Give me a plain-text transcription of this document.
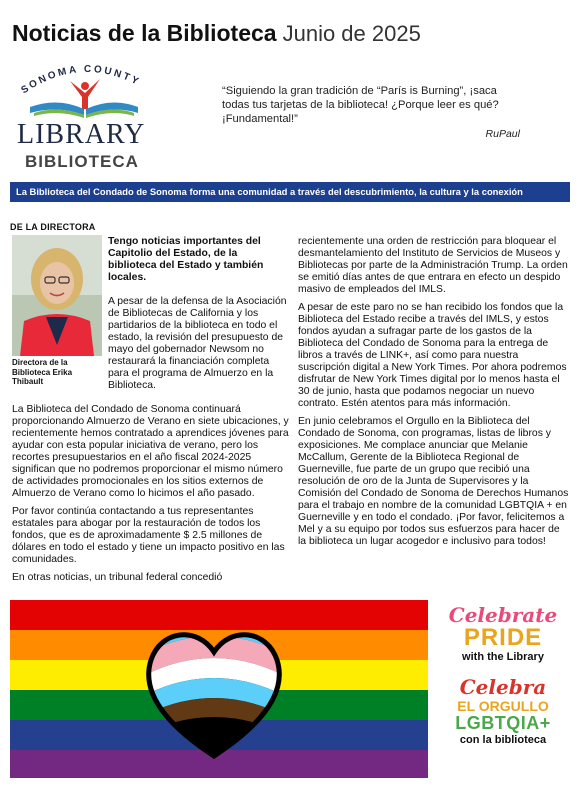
Noticias de la Biblioteca Junio de 2025
SONOMA COUNTY
LIBRARY
BIBLIOTECA
“Siguiendo la gran tradición de “París is Burning”, ¡saca todas tus tarjetas de la biblioteca! ¿Porque leer es qué? ¡Fundamental!”
RuPaul
La Biblioteca del Condado de Sonoma forma una comunidad a través del descubrimiento, la cultura y la conexión
DE LA DIRECTORA
Directora de la Biblioteca Erika Thibault
Tengo noticias importantes del Capitolio del Estado, de la biblioteca del Estado y también locales.
A pesar de la defensa de la Asociación de Bibliotecas de California y los partidarios de la biblioteca en todo el estado, la revisión del presupuesto de mayo del gobernador Newsom no restaurará la financiación completa para el programa de Almuerzo en la Biblioteca.

La Biblioteca del Condado de Sonoma continuará proporcionando Almuerzo de Verano en siete ubicaciones, y recientemente hemos contratado a aprendices jóvenes para ayudar con esta popular iniciativa de verano, pero los recortes presupuestarios en el año fiscal 2024-2025 significan que no podremos proporcionar el mismo número de actividades promocionales en los sitios externos de Almuerzo de Verano como lo hicimos el año pasado.

Por favor continúa contactando a tus representantes estatales para abogar por la restauración de todos los fondos, que es de aproximadamente $ 2.5 millones de dólares en todo el estado y tiene un impacto positivo en las comunidades.

En otras noticias, un tribunal federal concedió

recientemente una orden de restricción para bloquear el desmantelamiento del Instituto de Servicios de Museos y Bibliotecas por parte de la Administración Trump. La orden se emitió días antes de que entrara en efecto un despido masivo de empleados del IMLS.

A pesar de este paro no se han recibido los fondos que la Biblioteca del Estado recibe a través del IMLS, y estos fondos ayudan a sufragar parte de los gastos de la Biblioteca del Condado de Sonoma para la entrega de libros a través de LINK+, así como para nuestra suscripción digital a New York Times. Por ahora podremos disfrutar de New York Times digital por lo menos hasta el 30 de junio, hasta que podamos negociar un nuevo contrato. Estén atentos para más información.

En junio celebramos el Orgullo en la Biblioteca del Condado de Sonoma, con programas, listas de libros y exposiciones. Me complace anunciar que Melanie McCallum, Gerente de la Biblioteca Regional de Guerneville, fue parte de un grupo que recibió una resolución de oro de la Junta de Supervisores y la Comisión del Condado de Sonoma de Derechos Humanos para el trabajo en nombre de la comunidad LGBTQIA + en Guerneville y en todo el condado. ¡Por favor, felicitemos a Mel y a su equipo por todos sus esfuerzos para hacer de la biblioteca un lugar acogedor e inclusivo para todos!

Celebrate
PRIDE
with the Library
Celebra
EL ORGULLO
LGBTQIA+
con la biblioteca
